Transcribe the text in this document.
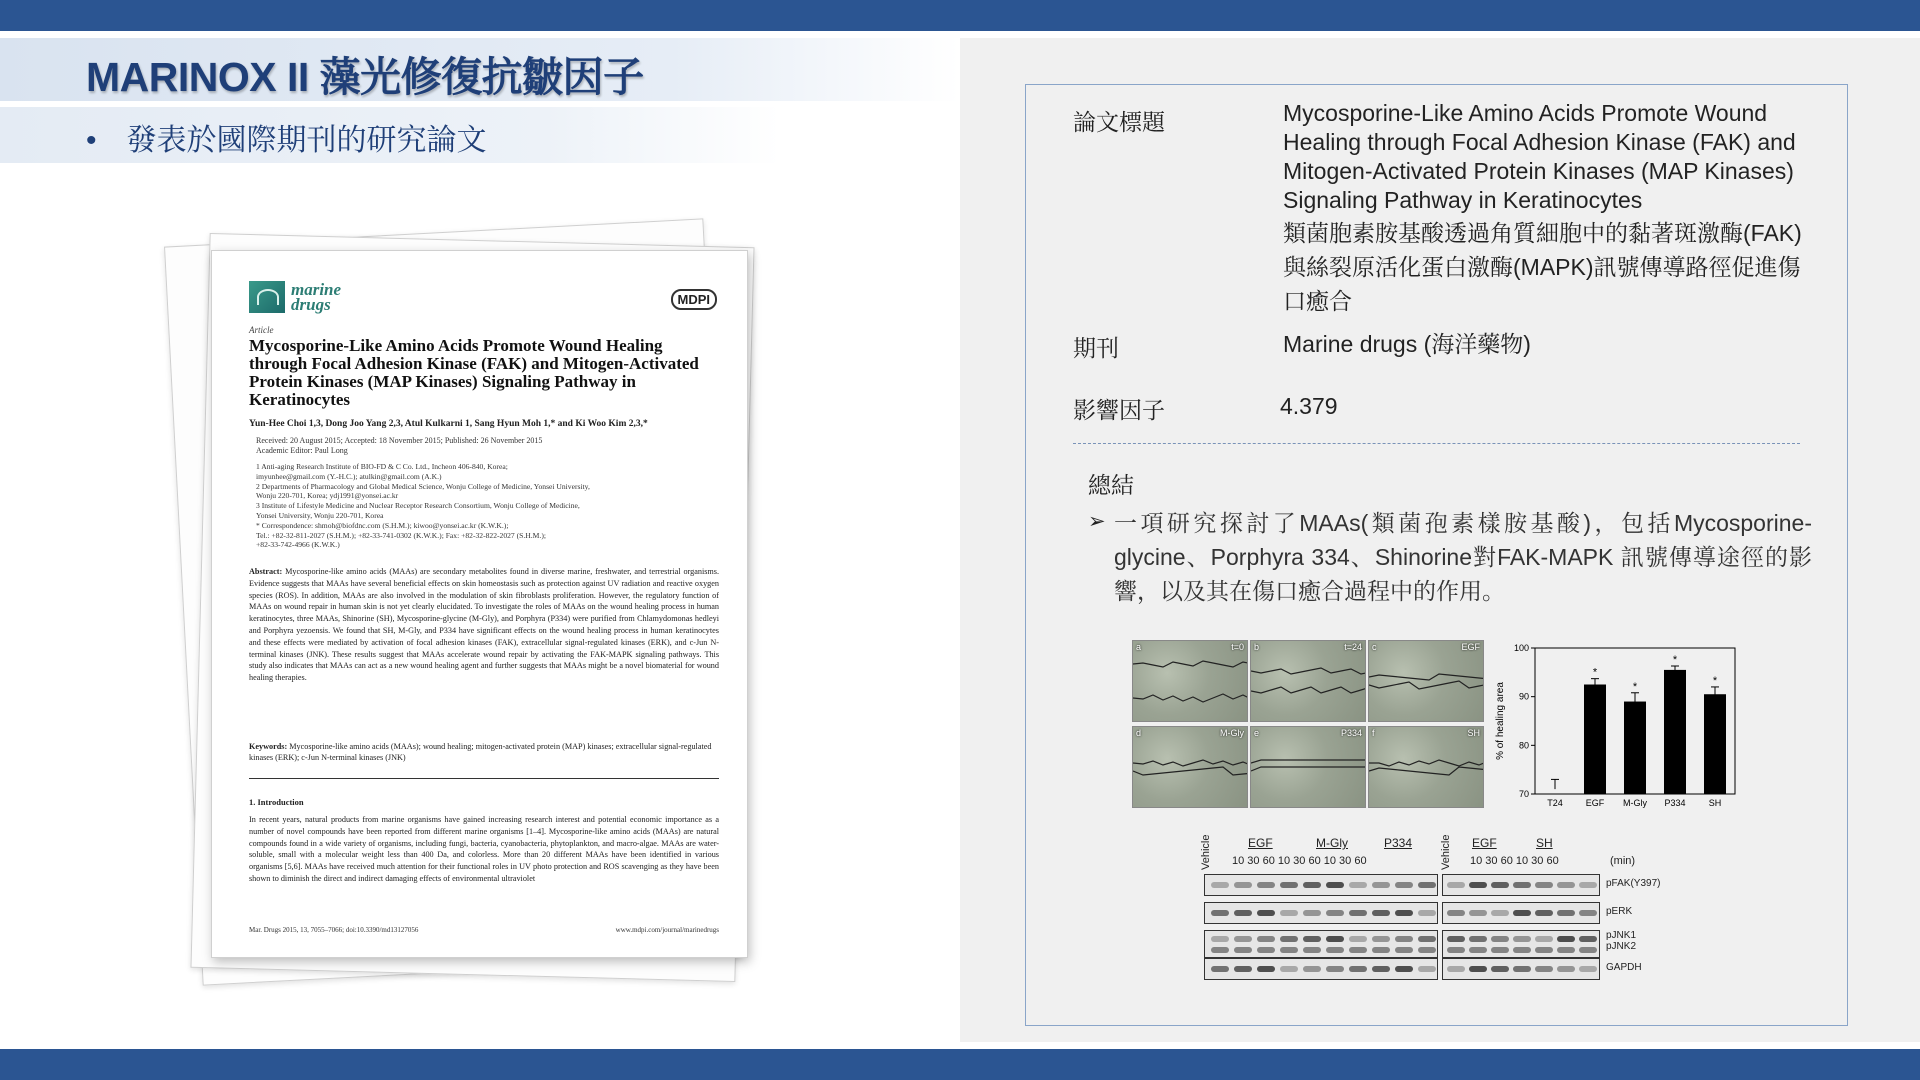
MARINOX II 藻光修復抗皺因子
• 發表於國際期刊的研究論文
marine
drugs	MDPI
Article
Mycosporine-Like Amino Acids Promote Wound Healing through Focal Adhesion Kinase (FAK) and Mitogen-Activated Protein Kinases (MAP Kinases) Signaling Pathway in Keratinocytes
Yun-Hee Choi 1,3, Dong Joo Yang 2,3, Atul Kulkarni 1, Sang Hyun Moh 1,* and Ki Woo Kim 2,3,*
Received: 20 August 2015; Accepted: 18 November 2015; Published: 26 November 2015
Academic Editor: Paul Long
1 Anti-aging Research Institute of BIO-FD & C Co. Ltd., Incheon 406-840, Korea;
imyunhee@gmail.com (Y.-H.C.); atulkin@gmail.com (A.K.)
2 Departments of Pharmacology and Global Medical Science, Wonju College of Medicine, Yonsei University,
Wonju 220-701, Korea; ydj1991@yonsei.ac.kr
3 Institute of Lifestyle Medicine and Nuclear Receptor Research Consortium, Wonju College of Medicine,
Yonsei University, Wonju 220-701, Korea
* Correspondence: shmoh@biofdnc.com (S.H.M.); kiwoo@yonsei.ac.kr (K.W.K.);
Tel.: +82-32-811-2027 (S.H.M.); +82-33-741-0302 (K.W.K.); Fax: +82-32-822-2027 (S.H.M.);
+82-33-742-4966 (K.W.K.)
Abstract: Mycosporine-like amino acids (MAAs) are secondary metabolites found in diverse marine, freshwater, and terrestrial organisms. Evidence suggests that MAAs have several beneficial effects on skin homeostasis such as protection against UV radiation and reactive oxygen species (ROS). In addition, MAAs are also involved in the modulation of skin fibroblasts proliferation. However, the regulatory function of MAAs on wound repair in human skin is not yet clearly elucidated. To investigate the roles of MAAs on the wound healing process in human keratinocytes, three MAAs, Shinorine (SH), Mycosporine-glycine (M-Gly), and Porphyra (P334) were purified from Chlamydomonas hedleyi and Porphyra yezoensis. We found that SH, M-Gly, and P334 have significant effects on the wound healing process in human keratinocytes and these effects were mediated by activation of focal adhesion kinases (FAK), extracellular signal-regulated kinases (ERK), and c-Jun N-terminal kinases (JNK). These results suggest that MAAs accelerate wound repair by activating the FAK-MAPK signaling pathways. This study also indicates that MAAs can act as a new wound healing agent and further suggests that MAAs might be a novel biomaterial for wound healing therapies.
Keywords: Mycosporine-like amino acids (MAAs); wound healing; mitogen-activated protein (MAP) kinases; extracellular signal-regulated kinases (ERK); c-Jun N-terminal kinases (JNK)
1. Introduction
In recent years, natural products from marine organisms have gained increasing research interest and potential economic importance as a number of novel compounds have been reported from different marine organisms [1–4]. Mycosporine-like amino acids (MAAs) are natural compounds found in a wide variety of organisms, including fungi, bacteria, cyanobacteria, phytoplankton, and macro-algae. MAAs are water-soluble, small with a molecular weight less than 400 Da, and colorless. More than 20 different MAAs have been identified in various organisms [5,6]. MAAs have received much attention for their functional roles in UV photo protection and ROS scavenging as they have been shown to diminish the direct and indirect damaging effects of environmental ultraviolet
Mar. Drugs 2015, 13, 7055–7066; doi:10.3390/md13127056	www.mdpi.com/journal/marinedrugs
論文標題	Mycosporine-Like Amino Acids Promote Wound Healing through Focal Adhesion Kinase (FAK) and Mitogen-Activated Protein Kinases (MAP Kinases) Signaling Pathway in Keratinocytes
類菌胞素胺基酸透過角質細胞中的黏著斑激酶(FAK)與絲裂原活化蛋白激酶(MAPK)訊號傳導路徑促進傷口癒合
期刊	Marine drugs (海洋藥物)
影響因子	4.379
總結
➢ 一項研究探討了MAAs(類菌孢素樣胺基酸)，包括Mycosporine-glycine、Porphyra 334、Shinorine對FAK-MAPK 訊號傳導途徑的影響，以及其在傷口癒合過程中的作用。
a	t=0 b	t=24 c	EGF
d	M-Gly e	P334 f	SH
70
80
90
100
% of healing area
T24
*
EGF
*
M-Gly
*
P334
*
SH
Vehicle	Vehicle
EGF	M-Gly	P334	EGF	SH
10 30 60 10 30 60 10 30 60	10 30 60 10 30 60	(min)
pFAK(Y397)
pERK
pJNK1
pJNK2
GAPDH
